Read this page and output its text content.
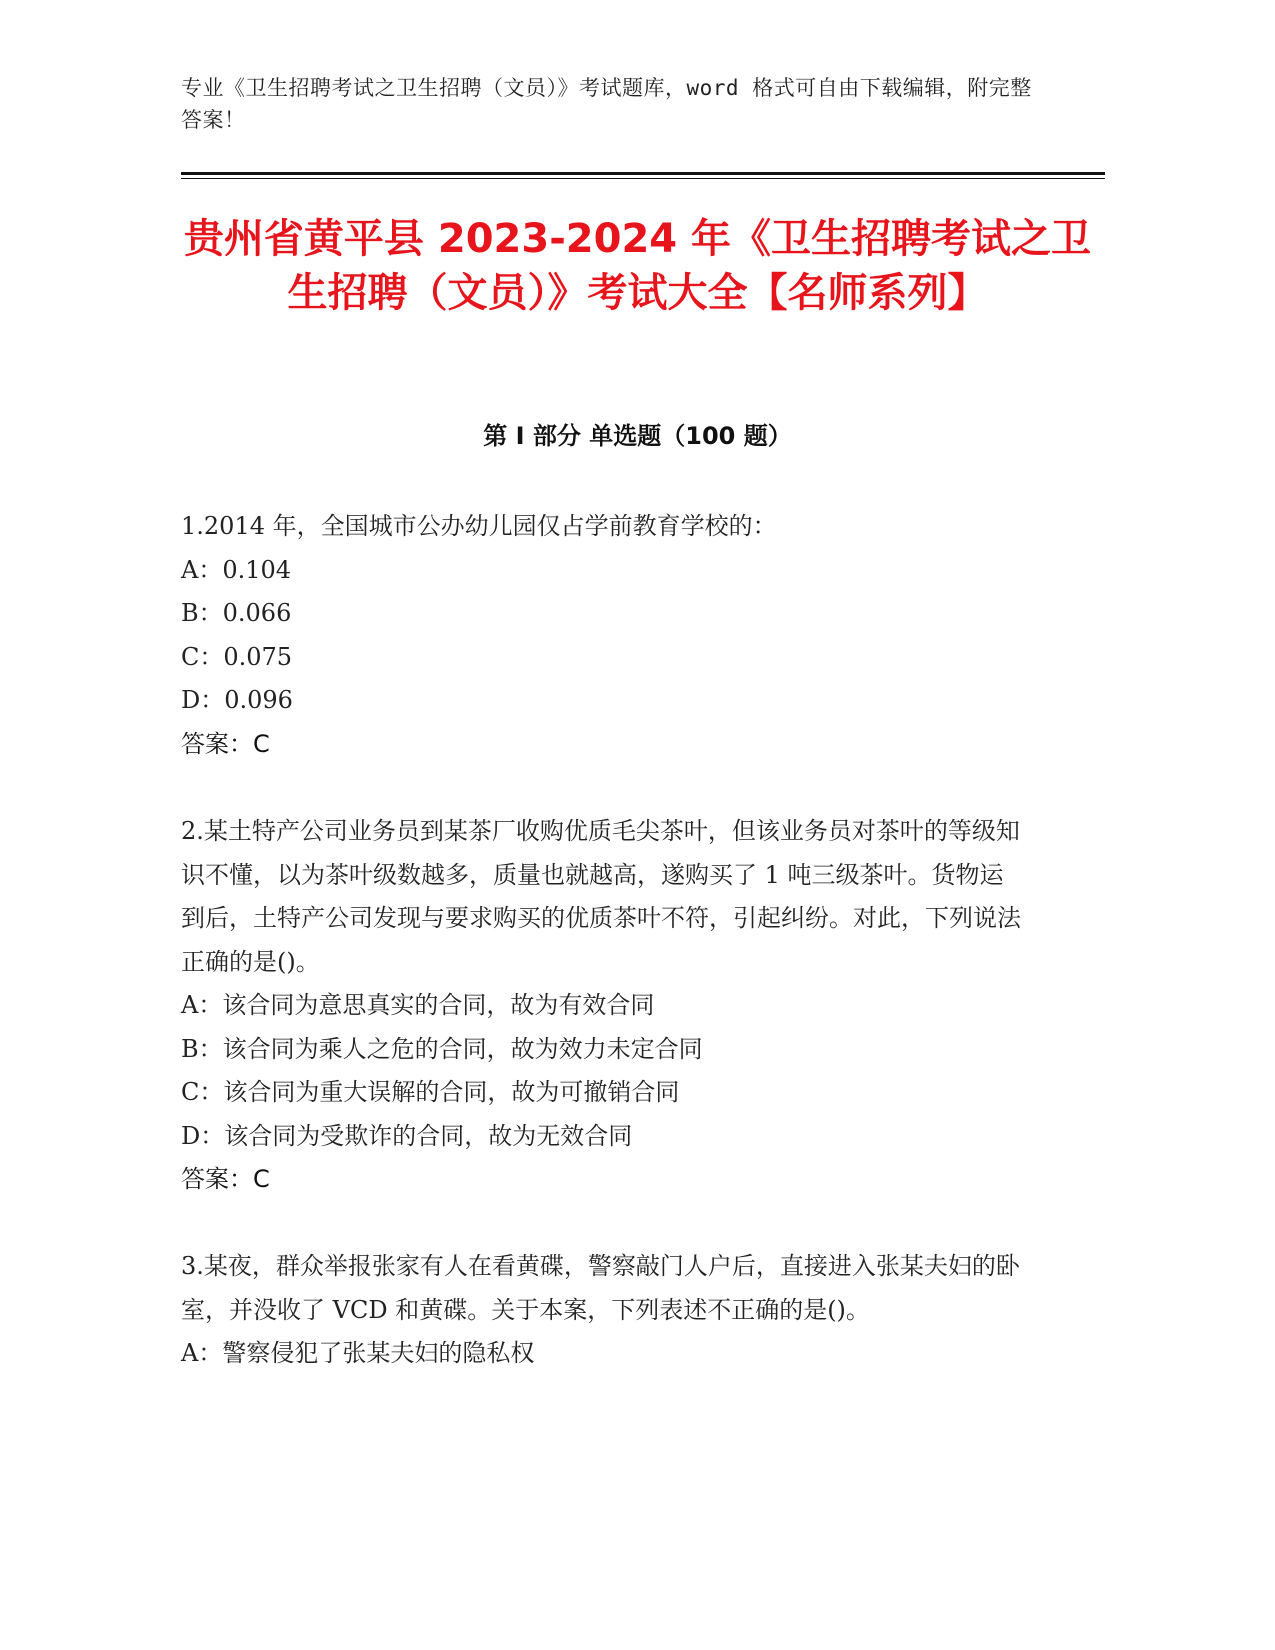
专业《卫生招聘考试之卫生招聘（文员）》考试题库，word 格式可自由下载编辑，附完整答案！
贵州省黄平县 2023-2024 年《卫生招聘考试之卫生招聘（文员）》考试大全【名师系列】
第 I 部分 单选题（100 题）
1.2014 年，全国城市公办幼儿园仅占学前教育学校的：
A：0.104
B：0.066
C：0.075
D：0.096
答案：C
2.某土特产公司业务员到某茶厂收购优质毛尖茶叶，但该业务员对茶叶的等级知识不懂，以为茶叶级数越多，质量也就越高，遂购买了 1 吨三级茶叶。货物运到后，土特产公司发现与要求购买的优质茶叶不符，引起纠纷。对此，下列说法正确的是()。
A：该合同为意思真实的合同，故为有效合同
B：该合同为乘人之危的合同，故为效力未定合同
C：该合同为重大误解的合同，故为可撤销合同
D：该合同为受欺诈的合同，故为无效合同
答案：C
3.某夜，群众举报张家有人在看黄碟，警察敲门人户后，直接进入张某夫妇的卧室，并没收了 VCD 和黄碟。关于本案，下列表述不正确的是()。
A：警察侵犯了张某夫妇的隐私权
